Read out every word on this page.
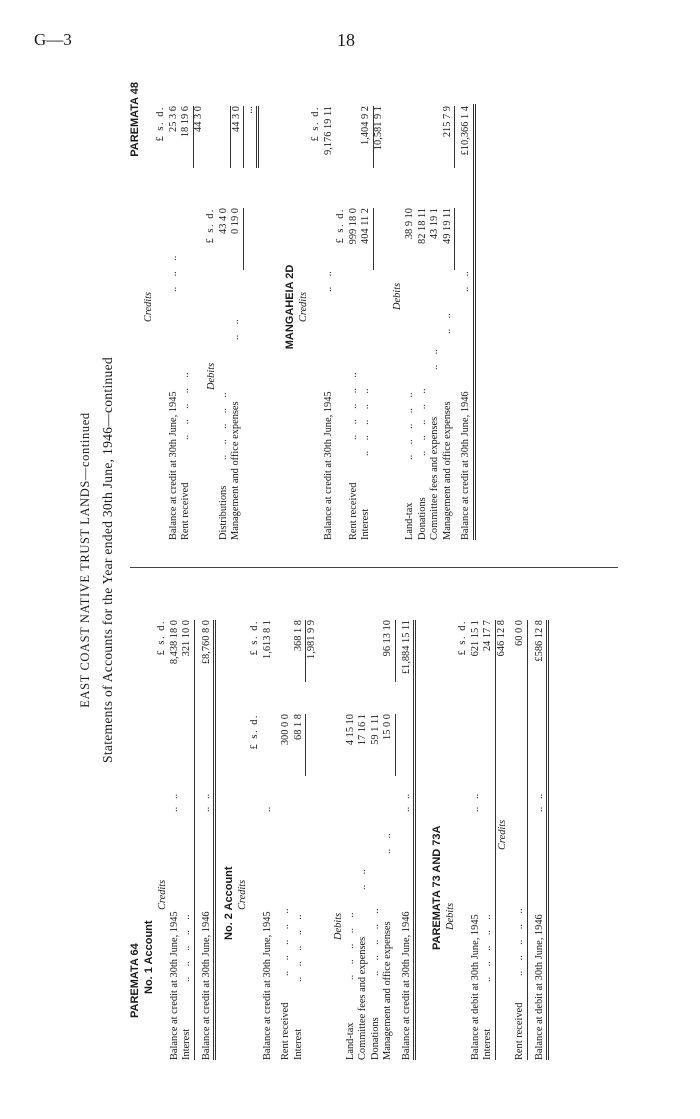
G—3	18
EAST COAST NATIVE TRUST LANDS—continued Statements of Accounts for the Year ended 30th June, 1946—continued
PAREMATA 64 No. 1 Account
Credits
£ s. d.
Balance at credit at 30th June, 1945
..   ..
8,438 18 0
Interest
..    ..    ..    ..    ..
321 10 0
Balance at credit at 30th June, 1946
..   ..
£8,760 8 0
No. 2 Account Credits
£ s. d.
£ s. d.
Balance at credit at 30th June, 1945
..
1,613 8 1
Rent received
..    ..    ..    ..    ..
300 0 0
Interest
..    ..    ..    ..    ..
68 1 8
368 1 8 1,981 9 9
Debits
Land-tax
..    ..    ..    ..    ..
4 15 10
Committee fees and expenses
..    ..
17 16 1
Donations
..    ..    ..    ..    ..
59 1 11
Management and office expenses
..    ..
15 0 0
96 13 10
Balance at credit at 30th June, 1946
..   ..
£1,884 15 11
PAREMATA 73 AND 73A Debits
£ s. d.
Balance at debit at 30th June, 1945
..   ..
621 15 1
Interest
..    ..    ..    ..    ..
24 17 7
Credits
646 12 8
Rent received
..    ..    ..    ..    ..
60 0 0
Balance at debit at 30th June, 1946
..   ..
£586 12 8
PAREMATA 48
Credits
£ s. d.
Balance at credit at 30th June, 1945
..    ..    ..
25 3 6
Rent received
..    ..    ..    ..    ..
18 19 6 44 3 0
Debits
£ s. d.
Distributions
..    ..    ..    ..    ..
43 4 0
Management and office expenses
..    ..
0 19 0
44 3 0 ...
MANGAHEIA 2D Credits
£ s. d.
Balance at credit at 30th June, 1945
..    ..
9,176 19 11
£ s. d.
Rent received
..    ..    ..    ..    ..
999 18 0
Interest
..    ..    ..    ..    ..
404 11 2
1,404 9 2 10,581 9 1
Debits
Land-tax
..    ..    ..    ..    ..
38 9 10
Donations
..    ..    ..    ..    ..
82 18 11
Committee fees and expenses
..    ..
43 19 1
Management and office expenses
..    ..
49 19 11
215 7 9
Balance at credit at 30th June, 1946
..    ..
£10,366 1 4
